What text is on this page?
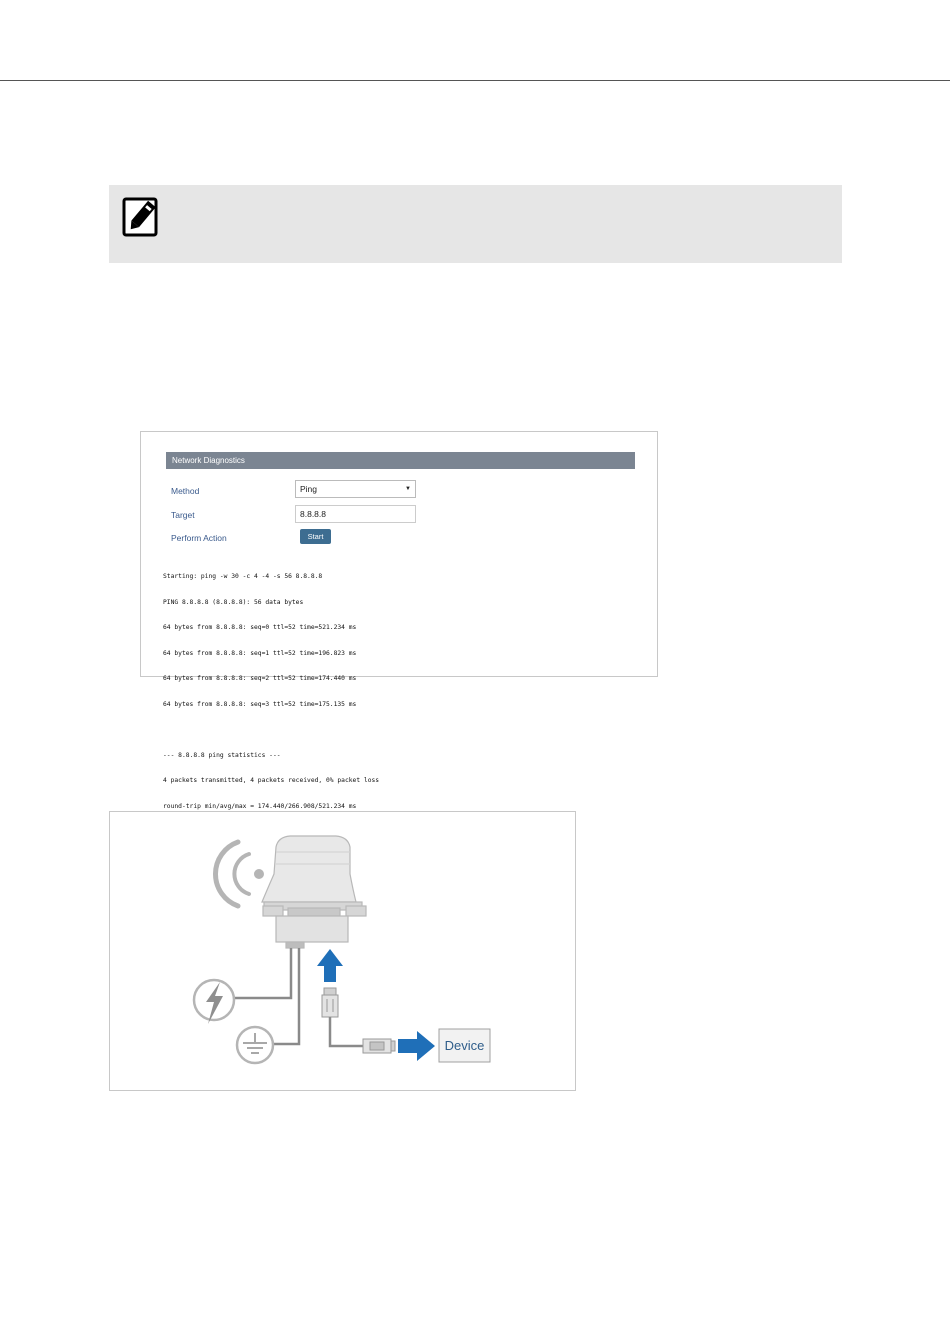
Network Diagnostics
Method	Ping	▼
Target	8.8.8.8
Perform Action	Start

Starting: ping -w 30 -c 4 -4 -s 56 8.8.8.8

PING 8.8.8.8 (8.8.8.8): 56 data bytes

64 bytes from 8.8.8.8: seq=0 ttl=52 time=521.234 ms

64 bytes from 8.8.8.8: seq=1 ttl=52 time=196.823 ms

64 bytes from 8.8.8.8: seq=2 ttl=52 time=174.440 ms

64 bytes from 8.8.8.8: seq=3 ttl=52 time=175.135 ms

--- 8.8.8.8 ping statistics ---

4 packets transmitted, 4 packets received, 0% packet loss

round-trip min/avg/max = 174.440/266.908/521.234 ms

Device
